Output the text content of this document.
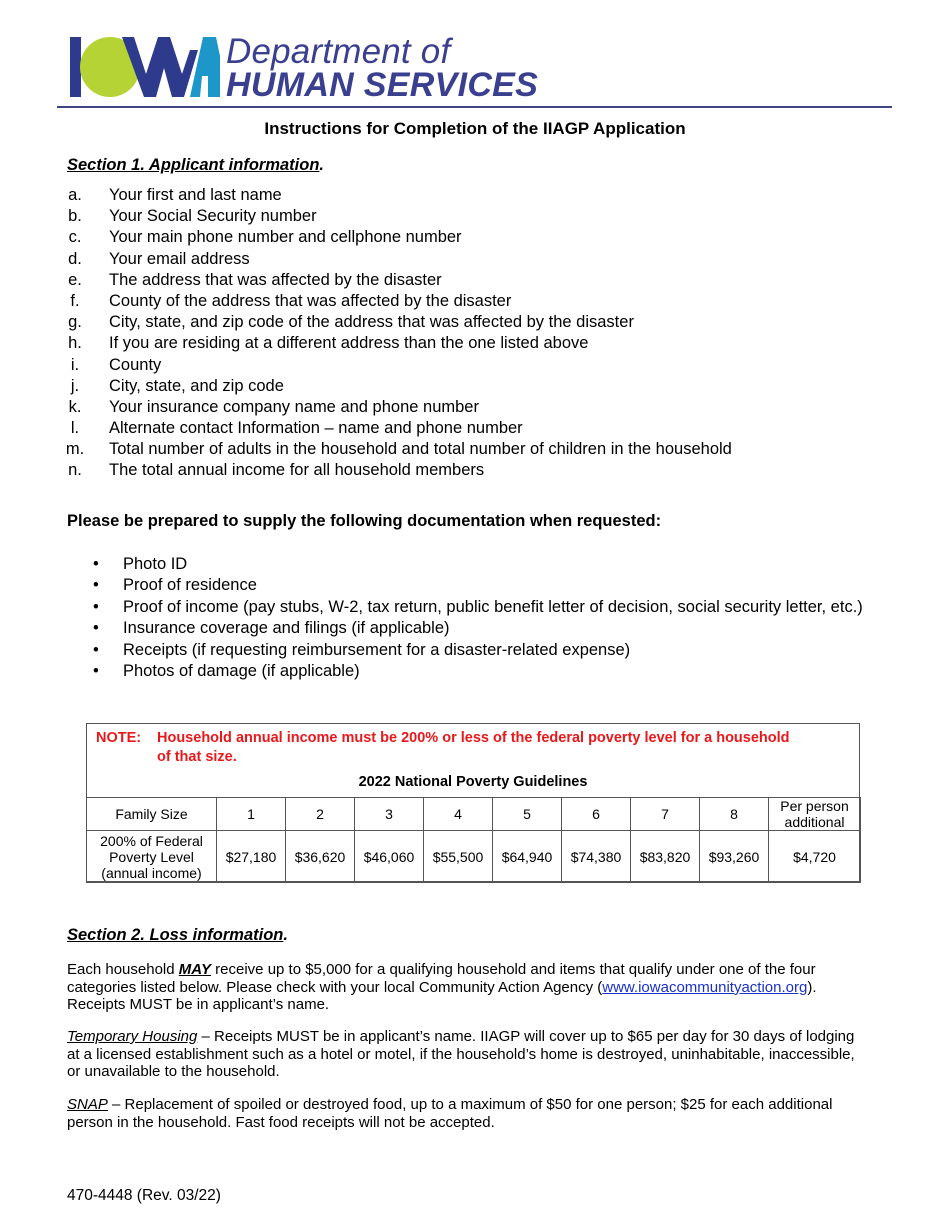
Department of
HUMAN SERVICES
Instructions for Completion of the IIAGP Application
Section 1. Applicant information.
a.	Your first and last name
b.	Your Social Security number
c.	Your main phone number and cellphone number
d.	Your email address
e.	The address that was affected by the disaster
f.	County of the address that was affected by the disaster
g.	City, state, and zip code of the address that was affected by the disaster
h.	If you are residing at a different address than the one listed above
i.	County
j.	City, state, and zip code
k.	Your insurance company name and phone number
l.	Alternate contact Information – name and phone number
m.	Total number of adults in the household and total number of children in the household
n.	The total annual income for all household members
Please be prepared to supply the following documentation when requested:
• Photo ID
• Proof of residence
• Proof of income (pay stubs, W-2, tax return, public benefit letter of decision, social security letter, etc.)
• Insurance coverage and filings (if applicable)
• Receipts (if requesting reimbursement for a disaster-related expense)
• Photos of damage (if applicable)
NOTE: Household annual income must be 200% or less of the federal poverty level for a household of that size.
2022 National Poverty Guidelines
Family Size	1	2	3	4	5	6	7	8	Per person additional
200% of Federal Poverty Level (annual income)	$27,180	$36,620	$46,060	$55,500	$64,940	$74,380	$83,820	$93,260	$4,720
Section 2. Loss information.
Each household MAY receive up to $5,000 for a qualifying household and items that qualify under one of the four categories listed below. Please check with your local Community Action Agency (www.iowacommunityaction.org). Receipts MUST be in applicant’s name.
Temporary Housing – Receipts MUST be in applicant’s name. IIAGP will cover up to $65 per day for 30 days of lodging at a licensed establishment such as a hotel or motel, if the household’s home is destroyed, uninhabitable, inaccessible, or unavailable to the household.
SNAP – Replacement of spoiled or destroyed food, up to a maximum of $50 for one person; $25 for each additional person in the household. Fast food receipts will not be accepted.
470-4448 (Rev. 03/22)
